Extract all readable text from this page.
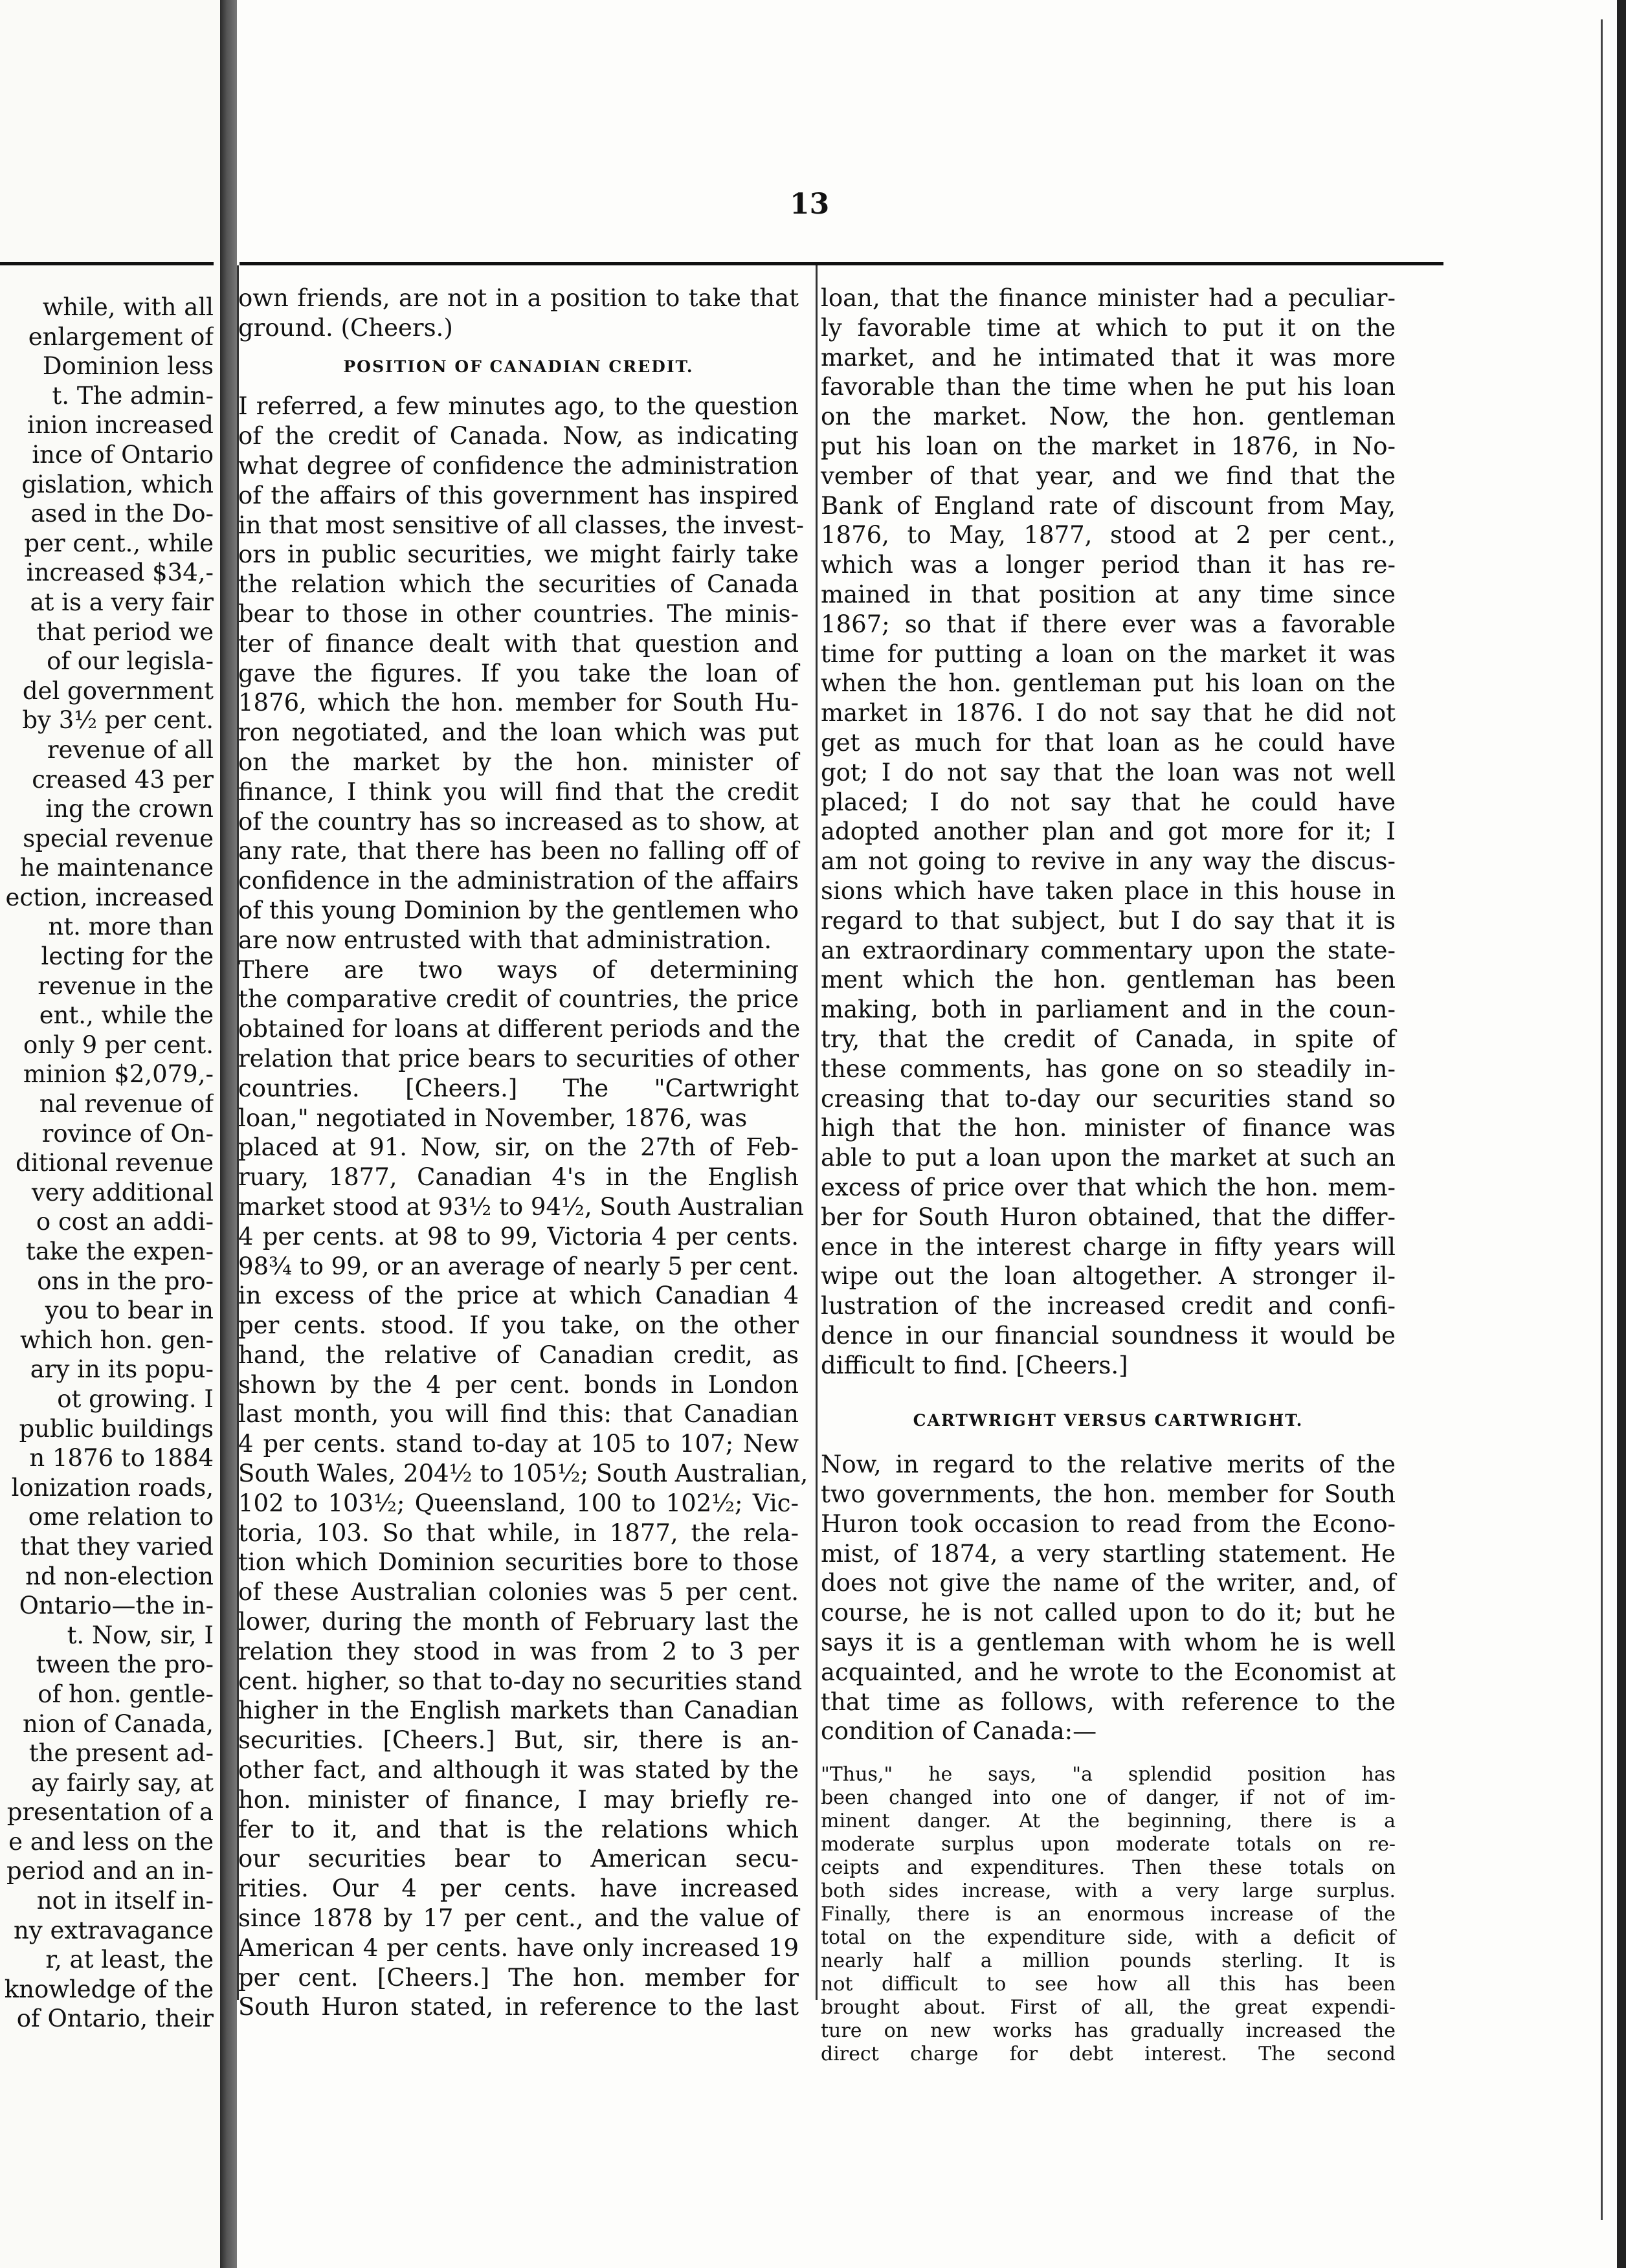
13

while, with all

enlargement of

Dominion less

t. The admin-

inion increased

ince of Ontario

gislation, which

ased in the Do-

per cent., while

increased $34,-

at is a very fair

that period we

of our legisla-

del government

by 3½ per cent.

revenue of all

creased 43 per

ing the crown

special revenue

he maintenance

ection, increased

nt. more than

lecting for the

revenue in the

ent., while the

only 9 per cent.

minion $2,079,-

nal revenue of

rovince of On-

ditional revenue

very additional

o cost an addi-

take the expen-

ons in the pro-

you to bear in

which hon. gen-

ary in its popu-

ot growing. I

public buildings

n 1876 to 1884

lonization roads,

ome relation to

that they varied

nd non-election

Ontario—the in-

t. Now, sir, I

tween the pro-

of hon. gentle-

nion of Canada,

the present ad-

ay fairly say, at

presentation of a

e and less on the

period and an in-

not in itself in-

ny extravagance

r, at least, the

knowledge of the

of Ontario, their

own friends, are not in a position to take that

ground. (Cheers.)

POSITION OF CANADIAN CREDIT.

I referred, a few minutes ago, to the question

of the credit of Canada. Now, as indicating

what degree of confidence the administration

of the affairs of this government has inspired

in that most sensitive of all classes, the invest-

ors in public securities, we might fairly take

the relation which the securities of Canada

bear to those in other countries. The minis-

ter of finance dealt with that question and

gave the figures. If you take the loan of

1876, which the hon. member for South Hu-

ron negotiated, and the loan which was put

on the market by the hon. minister of

finance, I think you will find that the credit

of the country has so increased as to show, at

any rate, that there has been no falling off of

confidence in the administration of the affairs

of this young Dominion by the gentlemen who

are now entrusted with that administration.

There are two ways of determining

the comparative credit of countries, the price

obtained for loans at different periods and the

relation that price bears to securities of other

countries. [Cheers.] The "Cartwright

loan," negotiated in November, 1876, was

placed at 91. Now, sir, on the 27th of Feb-

ruary, 1877, Canadian 4's in the English

market stood at 93½ to 94½, South Australian

4 per cents. at 98 to 99, Victoria 4 per cents.

98¾ to 99, or an average of nearly 5 per cent.

in excess of the price at which Canadian 4

per cents. stood. If you take, on the other

hand, the relative of Canadian credit, as

shown by the 4 per cent. bonds in London

last month, you will find this: that Canadian

4 per cents. stand to-day at 105 to 107; New

South Wales, 204½ to 105½; South Australian,

102 to 103½; Queensland, 100 to 102½; Vic-

toria, 103. So that while, in 1877, the rela-

tion which Dominion securities bore to those

of these Australian colonies was 5 per cent.

lower, during the month of February last the

relation they stood in was from 2 to 3 per

cent. higher, so that to-day no securities stand

higher in the English markets than Canadian

securities. [Cheers.] But, sir, there is an-

other fact, and although it was stated by the

hon. minister of finance, I may briefly re-

fer to it, and that is the relations which

our securities bear to American secu-

rities. Our 4 per cents. have increased

since 1878 by 17 per cent., and the value of

American 4 per cents. have only increased 19

per cent. [Cheers.] The hon. member for

South Huron stated, in reference to the last

loan, that the finance minister had a peculiar-

ly favorable time at which to put it on the

market, and he intimated that it was more

favorable than the time when he put his loan

on the market. Now, the hon. gentleman

put his loan on the market in 1876, in No-

vember of that year, and we find that the

Bank of England rate of discount from May,

1876, to May, 1877, stood at 2 per cent.,

which was a longer period than it has re-

mained in that position at any time since

1867; so that if there ever was a favorable

time for putting a loan on the market it was

when the hon. gentleman put his loan on the

market in 1876. I do not say that he did not

get as much for that loan as he could have

got; I do not say that the loan was not well

placed; I do not say that he could have

adopted another plan and got more for it; I

am not going to revive in any way the discus-

sions which have taken place in this house in

regard to that subject, but I do say that it is

an extraordinary commentary upon the state-

ment which the hon. gentleman has been

making, both in parliament and in the coun-

try, that the credit of Canada, in spite of

these comments, has gone on so steadily in-

creasing that to-day our securities stand so

high that the hon. minister of finance was

able to put a loan upon the market at such an

excess of price over that which the hon. mem-

ber for South Huron obtained, that the differ-

ence in the interest charge in fifty years will

wipe out the loan altogether. A stronger il-

lustration of the increased credit and confi-

dence in our financial soundness it would be

difficult to find. [Cheers.]

CARTWRIGHT VERSUS CARTWRIGHT.

Now, in regard to the relative merits of the

two governments, the hon. member for South

Huron took occasion to read from the Econo-

mist, of 1874, a very startling statement. He

does not give the name of the writer, and, of

course, he is not called upon to do it; but he

says it is a gentleman with whom he is well

acquainted, and he wrote to the Economist at

that time as follows, with reference to the

condition of Canada:—

"Thus," he says, "a splendid position has

been changed into one of danger, if not of im-

minent danger. At the beginning, there is a

moderate surplus upon moderate totals on re-

ceipts and expenditures. Then these totals on

both sides increase, with a very large surplus.

Finally, there is an enormous increase of the

total on the expenditure side, with a deficit of

nearly half a million pounds sterling. It is

not difficult to see how all this has been

brought about. First of all, the great expendi-

ture on new works has gradually increased the

direct charge for debt interest. The second
